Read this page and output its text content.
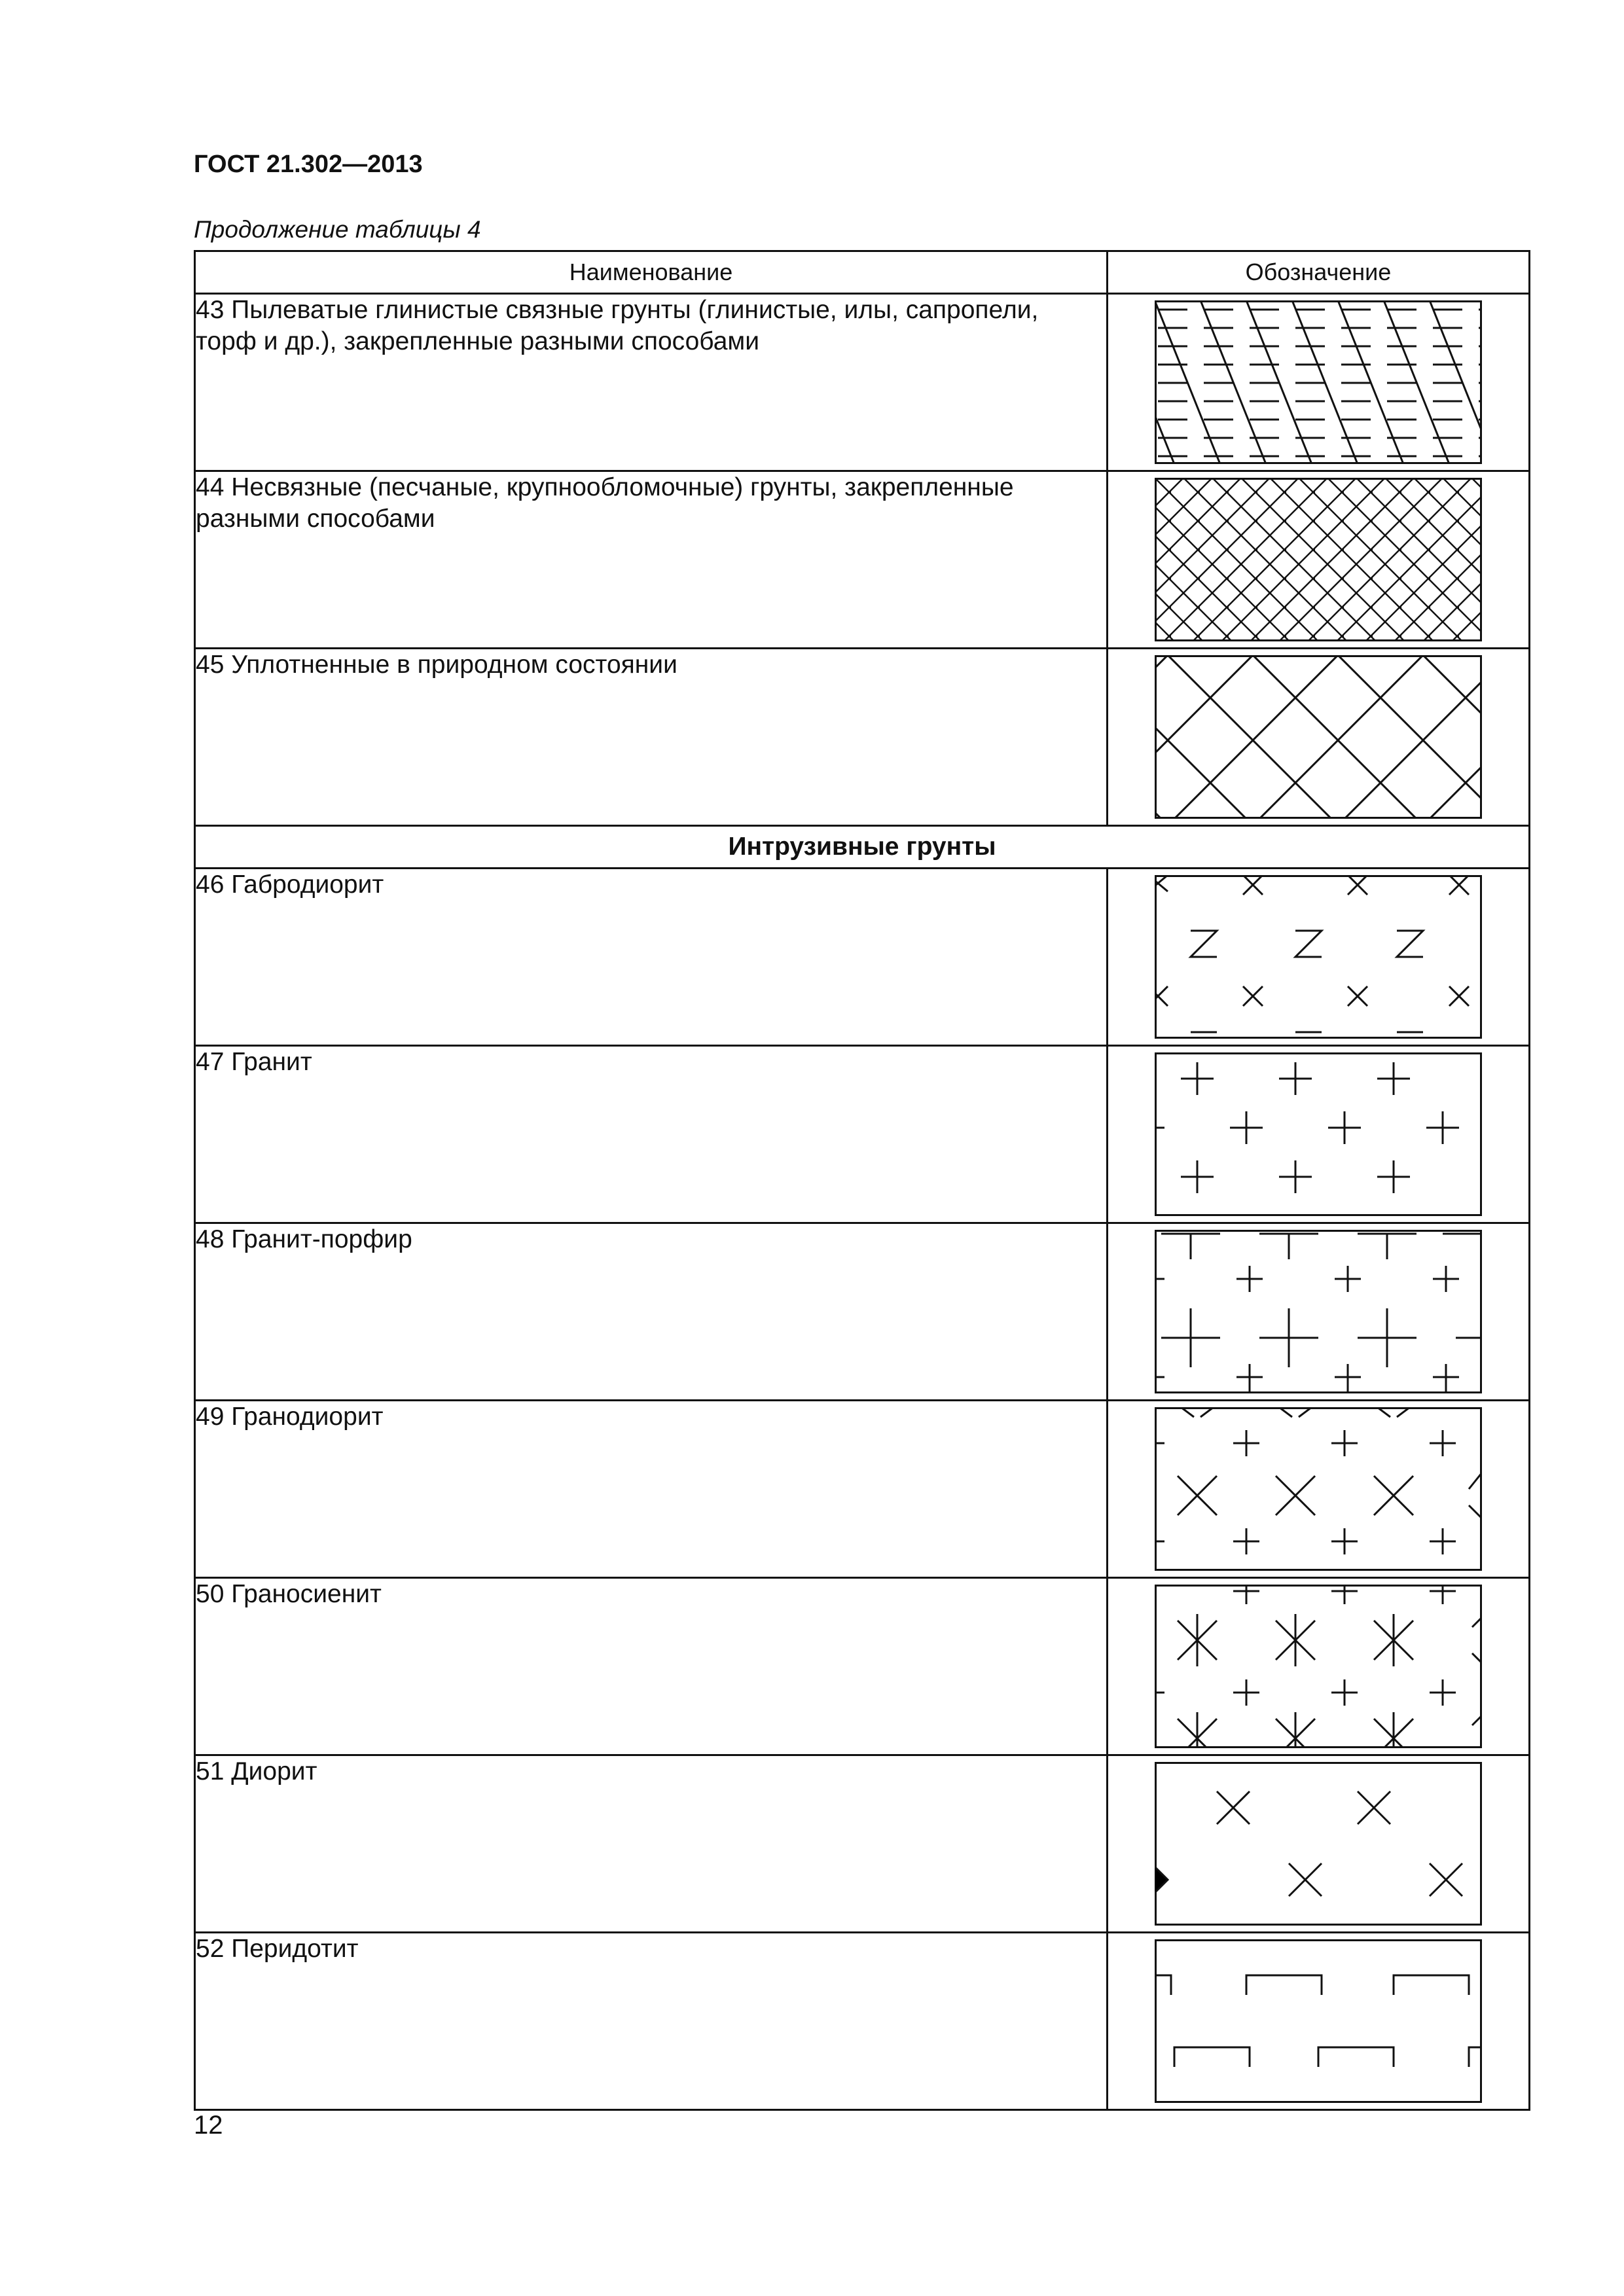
ГОСТ 21.302—2013
Продолжение таблицы 4
Наименование	Обозначение
43 Пылеватые глинистые связные грунты (глинистые, илы, сапропели, торф и др.), закрепленные разными способами	

44 Несвязные (песчаные, крупнообломочные) грунты, закрепленные разными способами	

45 Уплотненные в природном состоянии	

Интрузивные грунты	
46 Габродиорит	

47 Гранит	

48 Гранит-порфир	

49 Гранодиорит	

50 Граносиенит	

51 Диорит	

52 Перидотит	
12
